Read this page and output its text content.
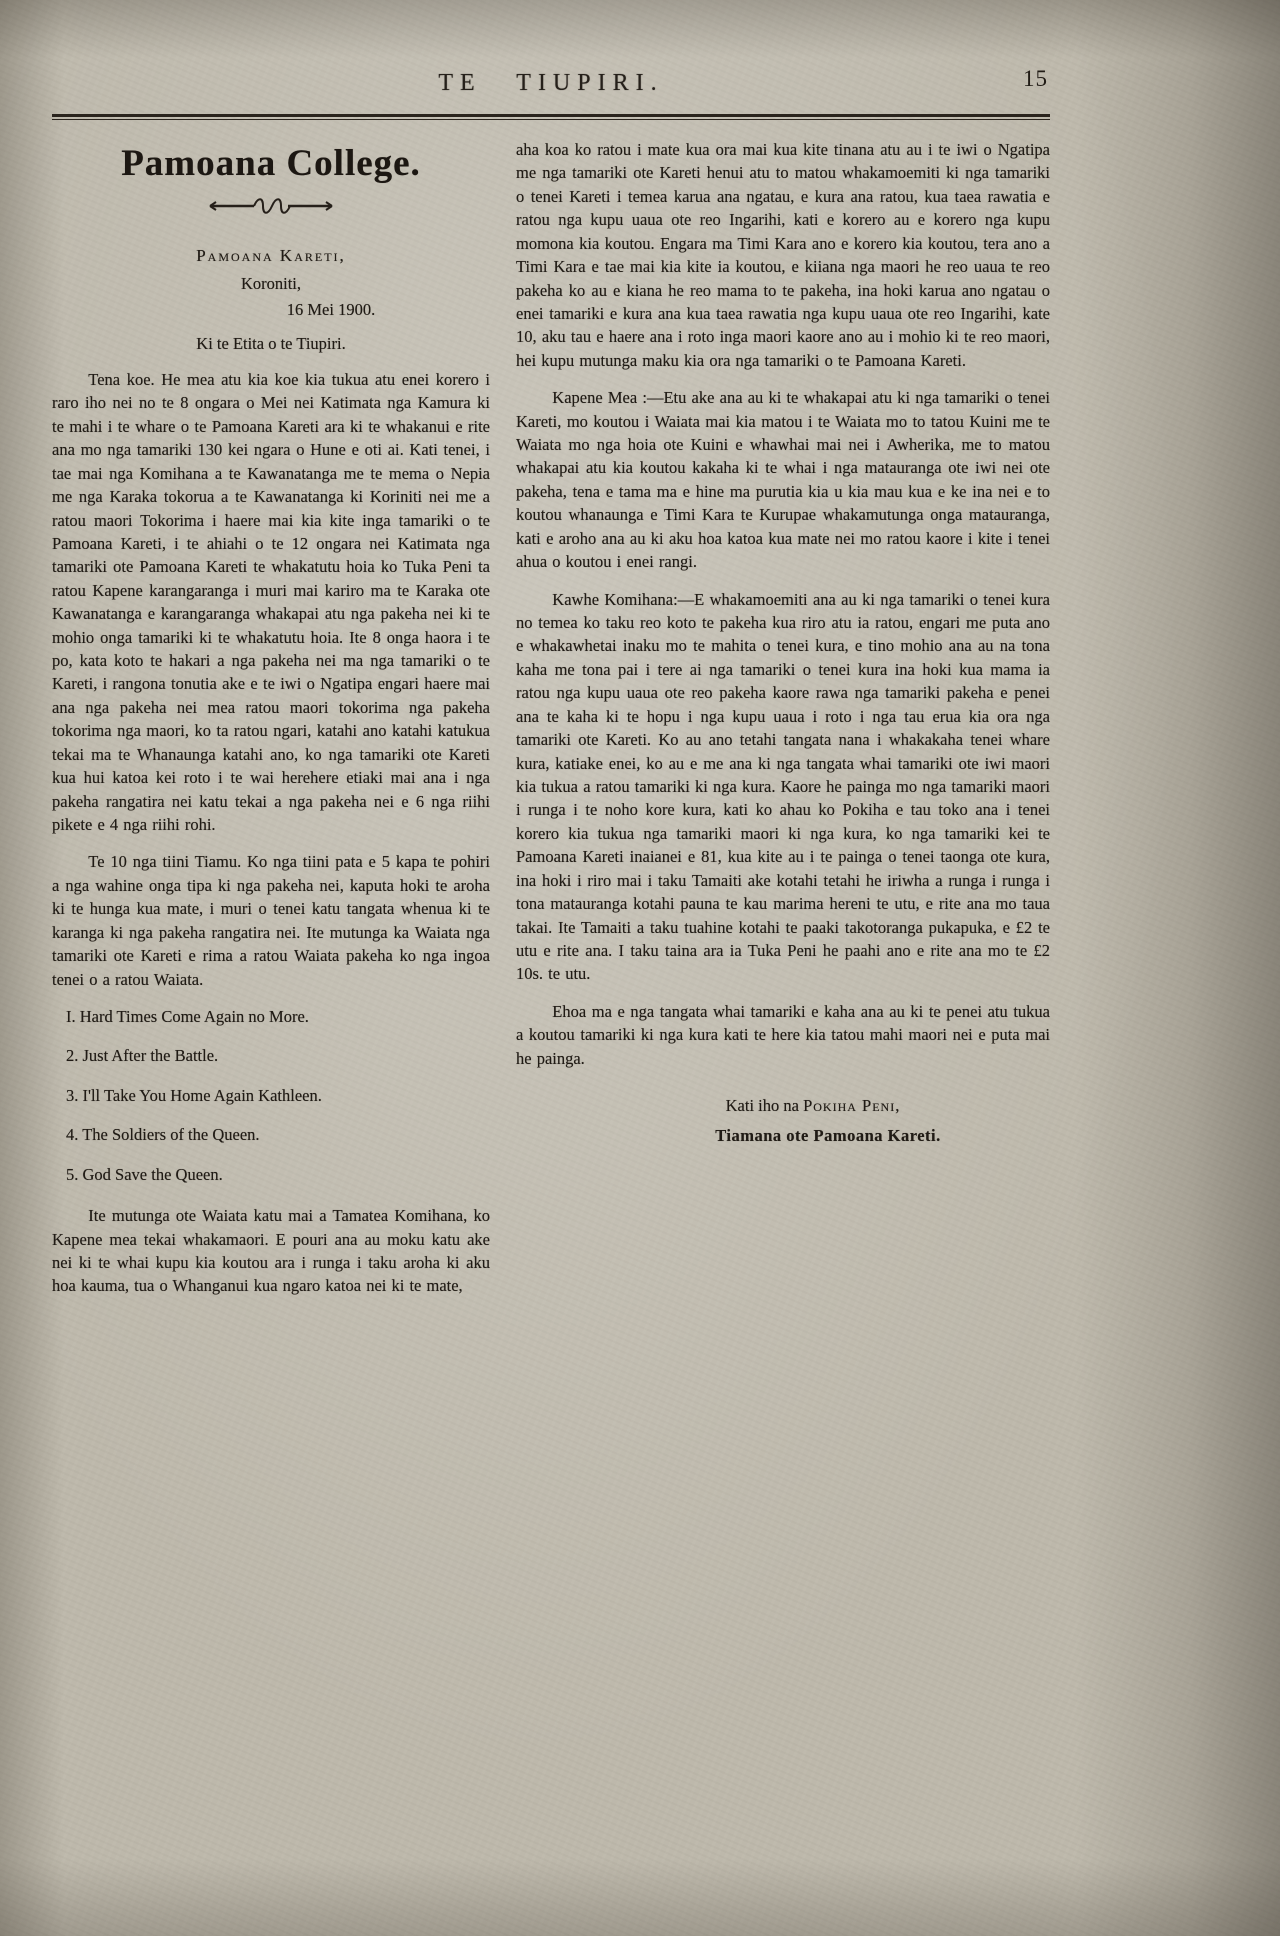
TE TIUPIRI.	15
Pamoana College.

Pamoana Kareti,

Koroniti,

16 Mei 1900.

Ki te Etita o te Tiupiri.

Tena koe. He mea atu kia koe kia tukua atu enei korero i raro iho nei no te 8 ongara o Mei nei Katimata nga Kamura ki te mahi i te whare o te Pamoana Kareti ara ki te whakanui e rite ana mo nga tamariki 130 kei ngara o Hune e oti ai. Kati tenei, i tae mai nga Komihana a te Kawanatanga me te mema o Nepia me nga Karaka tokorua a te Kawanatanga ki Koriniti nei me a ratou maori Tokorima i haere mai kia kite inga tamariki o te Pamoana Kareti, i te ahiahi o te 12 ongara nei Katimata nga tamariki ote Pamoana Kareti te whakatutu hoia ko Tuka Peni ta ratou Kapene karangaranga i muri mai kariro ma te Karaka ote Kawanatanga e karangaranga whakapai atu nga pakeha nei ki te mohio onga tamariki ki te whakatutu hoia. Ite 8 onga haora i te po, kata koto te hakari a nga pakeha nei ma nga tamariki o te Kareti, i rangona tonutia ake e te iwi o Ngatipa engari haere mai ana nga pakeha nei mea ratou maori tokorima nga pakeha tokorima nga maori, ko ta ratou ngari, katahi ano katahi katukua tekai ma te Whanaunga katahi ano, ko nga tamariki ote Kareti kua hui katoa kei roto i te wai herehere etiaki mai ana i nga pakeha rangatira nei katu tekai a nga pakeha nei e 6 nga riihi pikete e 4 nga riihi rohi.

Te 10 nga tiini Tiamu. Ko nga tiini pata e 5 kapa te pohiri a nga wahine onga tipa ki nga pakeha nei, kaputa hoki te aroha ki te hunga kua mate, i muri o tenei katu tangata whenua ki te karanga ki nga pakeha rangatira nei. Ite mutunga ka Waiata nga tamariki ote Kareti e rima a ratou Waiata pakeha ko nga ingoa tenei o a ratou Waiata.

I. Hard Times Come Again no More.

2. Just After the Battle.

3. I'll Take You Home Again Kathleen.

4. The Soldiers of the Queen.

5. God Save the Queen.

Ite mutunga ote Waiata katu mai a Tamatea Komihana, ko Kapene mea tekai whakamaori. E pouri ana au moku katu ake nei ki te whai kupu kia koutou ara i runga i taku aroha ki aku hoa kauma, tua o Whanganui kua ngaro katoa nei ki te mate,

aha koa ko ratou i mate kua ora mai kua kite tinana atu au i te iwi o Ngatipa me nga tamariki ote Kareti henui atu to matou whakamoemiti ki nga tamariki o tenei Kareti i temea karua ana ngatau, e kura ana ratou, kua taea rawatia e ratou nga kupu uaua ote reo Ingarihi, kati e korero au e korero nga kupu momona kia koutou. Engara ma Timi Kara ano e korero kia koutou, tera ano a Timi Kara e tae mai kia kite ia koutou, e kiiana nga maori he reo uaua te reo pakeha ko au e kiana he reo mama to te pakeha, ina hoki karua ano ngatau o enei tamariki e kura ana kua taea rawatia nga kupu uaua ote reo Ingarihi, kate 10, aku tau e haere ana i roto inga maori kaore ano au i mohio ki te reo maori, hei kupu mutunga maku kia ora nga tamariki o te Pamoana Kareti.

Kapene Mea :—Etu ake ana au ki te whakapai atu ki nga tamariki o tenei Kareti, mo koutou i Waiata mai kia matou i te Waiata mo to tatou Kuini me te Waiata mo nga hoia ote Kuini e whawhai mai nei i Awherika, me to matou whakapai atu kia koutou kakaha ki te whai i nga matauranga ote iwi nei ote pakeha, tena e tama ma e hine ma purutia kia u kia mau kua e ke ina nei e to koutou whanaunga e Timi Kara te Kurupae whakamutunga onga matauranga, kati e aroho ana au ki aku hoa katoa kua mate nei mo ratou kaore i kite i tenei ahua o koutou i enei rangi.

Kawhe Komihana:—E whakamoemiti ana au ki nga tamariki o tenei kura no temea ko taku reo koto te pakeha kua riro atu ia ratou, engari me puta ano e whakawhetai inaku mo te mahita o tenei kura, e tino mohio ana au na tona kaha me tona pai i tere ai nga tamariki o tenei kura ina hoki kua mama ia ratou nga kupu uaua ote reo pakeha kaore rawa nga tamariki pakeha e penei ana te kaha ki te hopu i nga kupu uaua i roto i nga tau erua kia ora nga tamariki ote Kareti. Ko au ano tetahi tangata nana i whakakaha tenei whare kura, katiake enei, ko au e me ana ki nga tangata whai tamariki ote iwi maori kia tukua a ratou tamariki ki nga kura. Kaore he painga mo nga tamariki maori i runga i te noho kore kura, kati ko ahau ko Pokiha e tau toko ana i tenei korero kia tukua nga tamariki maori ki nga kura, ko nga tamariki kei te Pamoana Kareti inaianei e 81, kua kite au i te painga o tenei taonga ote kura, ina hoki i riro mai i taku Tamaiti ake kotahi tetahi he iriwha a runga i runga i tona matauranga kotahi pauna te kau marima hereni te utu, e rite ana mo taua takai. Ite Tamaiti a taku tuahine kotahi te paaki takotoranga pukapuka, e £2 te utu e rite ana. I taku taina ara ia Tuka Peni he paahi ano e rite ana mo te £2 10s. te utu.

Ehoa ma e nga tangata whai tamariki e kaha ana au ki te penei atu tukua a koutou tamariki ki nga kura kati te here kia tatou mahi maori nei e puta mai he painga.

Kati iho na Pokiha Peni,

Tiamana ote Pamoana Kareti.
